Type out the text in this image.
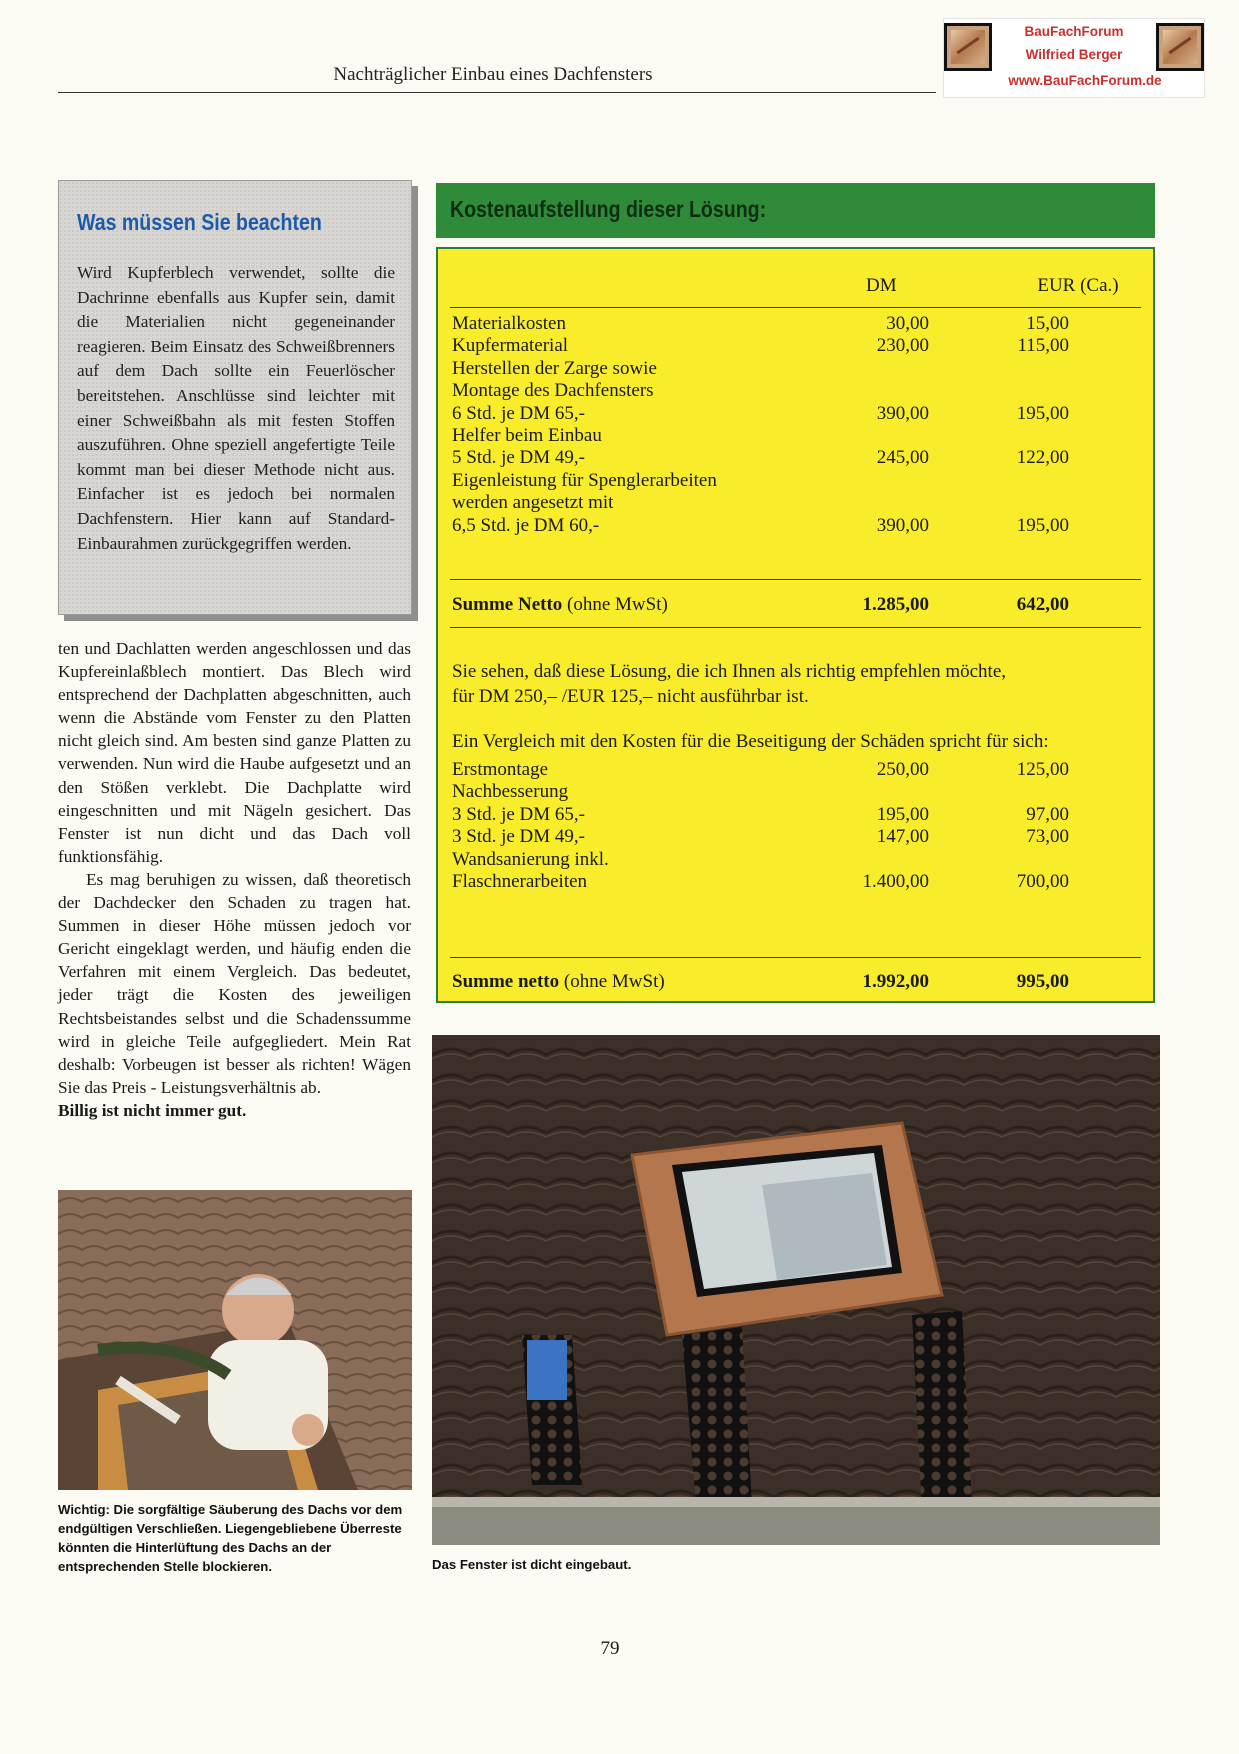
Nachträglicher Einbau eines Dachfensters
BauFachForum
Wilfried Berger
www.BauFachForum.de
Was müssen Sie beachten
Wird Kupferblech verwendet, sollte die Dachrinne ebenfalls aus Kupfer sein, damit die Materialien nicht gegeneinander reagieren. Beim Einsatz des Schweißbrenners auf dem Dach sollte ein Feuerlöscher bereitstehen. Anschlüsse sind leichter mit einer Schweißbahn als mit festen Stoffen auszuführen. Ohne speziell angefertigte Teile kommt man bei dieser Methode nicht aus. Einfacher ist es jedoch bei normalen Dachfenstern. Hier kann auf Standard-Einbaurahmen zurückgegriffen werden.

ten und Dachlatten werden angeschlossen und das Kupfereinlaßblech montiert. Das Blech wird entsprechend der Dachplatten abgeschnitten, auch wenn die Abstände vom Fenster zu den Platten nicht gleich sind. Am besten sind ganze Platten zu verwenden. Nun wird die Haube aufgesetzt und an den Stößen verklebt. Die Dachplatte wird eingeschnitten und mit Nägeln gesichert. Das Fenster ist nun dicht und das Dach voll funktionsfähig.

Es mag beruhigen zu wissen, daß theoretisch der Dachdecker den Schaden zu tragen hat. Summen in dieser Höhe müssen jedoch vor Gericht eingeklagt werden, und häufig enden die Verfahren mit einem Vergleich. Das bedeutet, jeder trägt die Kosten des jeweiligen Rechtsbeistandes selbst und die Schadenssumme wird in gleiche Teile aufgegliedert. Mein Rat deshalb: Vorbeugen ist besser als richten! Wägen Sie das Preis - Leistungsverhältnis ab.
Billig ist nicht immer gut.

Kostenaufstellung dieser Lösung:
DM	EUR (Ca.)
Materialkosten	30,00	15,00
Kupfermaterial	230,00	115,00
Herstellen der Zarge sowie
Montage des Dachfensters
6 Std. je DM 65,-	390,00	195,00
Helfer beim Einbau
5 Std. je DM 49,-	245,00	122,00
Eigenleistung für Spenglerarbeiten
werden angesetzt mit
6,5 Std. je DM 60,-	390,00	195,00
Summe Netto (ohne MwSt)	1.285,00	642,00
Sie sehen, daß diese Lösung, die ich Ihnen als richtig empfehlen möchte,
für DM 250,– /EUR 125,– nicht ausführbar ist.
Ein Vergleich mit den Kosten für die Beseitigung der Schäden spricht für sich:
Erstmontage	250,00	125,00
Nachbesserung
3 Std. je DM 65,-	195,00	97,00
3 Std. je DM 49,-	147,00	73,00
Wandsanierung inkl.
Flaschnerarbeiten	1.400,00	700,00
Summe netto (ohne MwSt)	1.992,00	995,00
Wichtig: Die sorgfältige Säuberung des Dachs vor dem endgültigen Verschließen. Liegengebliebene Überreste könnten die Hinterlüftung des Dachs an der entsprechenden Stelle blockieren.	Das Fenster ist dicht eingebaut.
79
